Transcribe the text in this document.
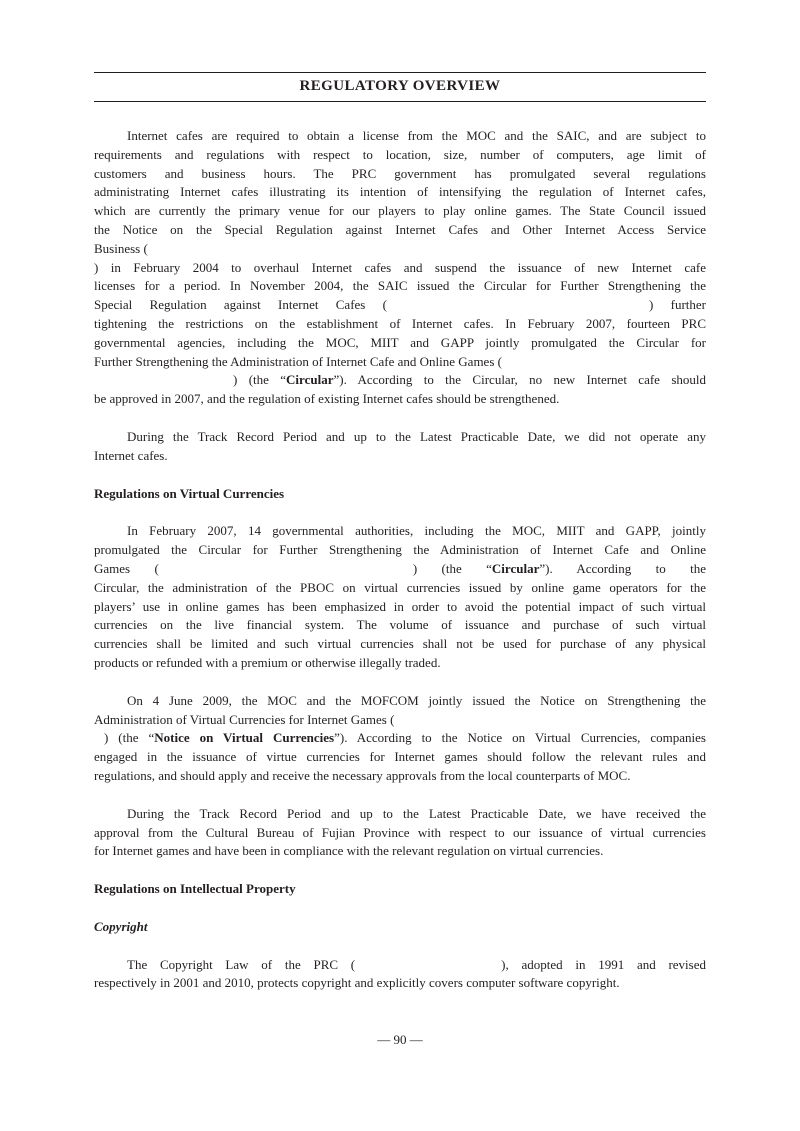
REGULATORY OVERVIEW
Internet cafes are required to obtain a license from the MOC and the SAIC, and are subject to
requirements and regulations with respect to location, size, number of computers, age limit of
customers and business hours. The PRC government has promulgated several regulations
administrating Internet cafes illustrating its intention of intensifying the regulation of Internet cafes,
which are currently the primary venue for our players to play online games. The State Council issued
the Notice on the Special Regulation against Internet Cafes and Other Internet Access Service
Business (
) in February 2004 to overhaul Internet cafes and suspend the issuance of new Internet cafe
licenses for a period. In November 2004, the SAIC issued the Circular for Further Strengthening the
Special Regulation against Internet Cafes (	) further
tightening the restrictions on the establishment of Internet cafes. In February 2007, fourteen PRC
governmental agencies, including the MOC, MIIT and GAPP jointly promulgated the Circular for
Further Strengthening the Administration of Internet Cafe and Online Games (
) (the “Circular”). According to the Circular, no new Internet cafe should
be approved in 2007, and the regulation of existing Internet cafes should be strengthened.
During the Track Record Period and up to the Latest Practicable Date, we did not operate any
Internet cafes.

Regulations on Virtual Currencies

In February 2007, 14 governmental authorities, including the MOC, MIIT and GAPP, jointly
promulgated the Circular for Further Strengthening the Administration of Internet Cafe and Online
Games (	) (the “Circular”). According to the
Circular, the administration of the PBOC on virtual currencies issued by online game operators for the
players’ use in online games has been emphasized in order to avoid the potential impact of such virtual
currencies on the live financial system. The volume of issuance and purchase of such virtual
currencies shall be limited and such virtual currencies shall not be used for purchase of any physical
products or refunded with a premium or otherwise illegally traded.
On 4 June 2009, the MOC and the MOFCOM jointly issued the Notice on Strengthening the
Administration of Virtual Currencies for Internet Games (
) (the “Notice on Virtual Currencies”). According to the Notice on Virtual Currencies, companies
engaged in the issuance of virtue currencies for Internet games should follow the relevant rules and
regulations, and should apply and receive the necessary approvals from the local counterparts of MOC.
During the Track Record Period and up to the Latest Practicable Date, we have received the
approval from the Cultural Bureau of Fujian Province with respect to our issuance of virtual currencies
for Internet games and have been in compliance with the relevant regulation on virtual currencies.

Regulations on Intellectual Property

Copyright

The Copyright Law of the PRC (	), adopted in 1991 and revised
respectively in 2001 and 2010, protects copyright and explicitly covers computer software copyright.
— 90 —
